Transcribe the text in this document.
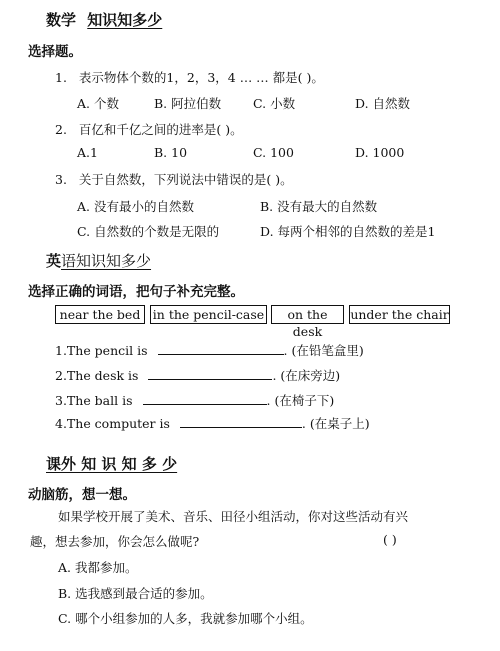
数学 知识知多少
选择题。
1. 表示物体个数的1，2，3，4 … … 都是( )。
A. 个数	B. 阿拉伯数	C. 小数	D. 自然数
2. 百亿和千亿之间的进率是( )。
A.1	B. 10	C. 100	D. 1000
3. 关于自然数，下列说法中错误的是( )。
A. 没有最小的自然数	B. 没有最大的自然数
C. 自然数的个数是无限的	D. 每两个相邻的自然数的差是1
英语知识知多少
选择正确的词语，把句子补充完整。
near the bed in the pencil-case	on the desk
under the chair
1.The pencil is	. (在铅笔盒里)
2.The desk is	. (在床旁边)
3.The ball is	. (在椅子下)
4.The computer is	. (在桌子上)
课外 知 识 知 多 少
动脑筋，想一想。
如果学校开展了美术、音乐、田径小组活动，你对这些活动有兴
趣，想去参加，你会怎么做呢?	( )
A. 我都参加。
B. 选我感到最合适的参加。
C. 哪个小组参加的人多，我就参加哪个小组。
